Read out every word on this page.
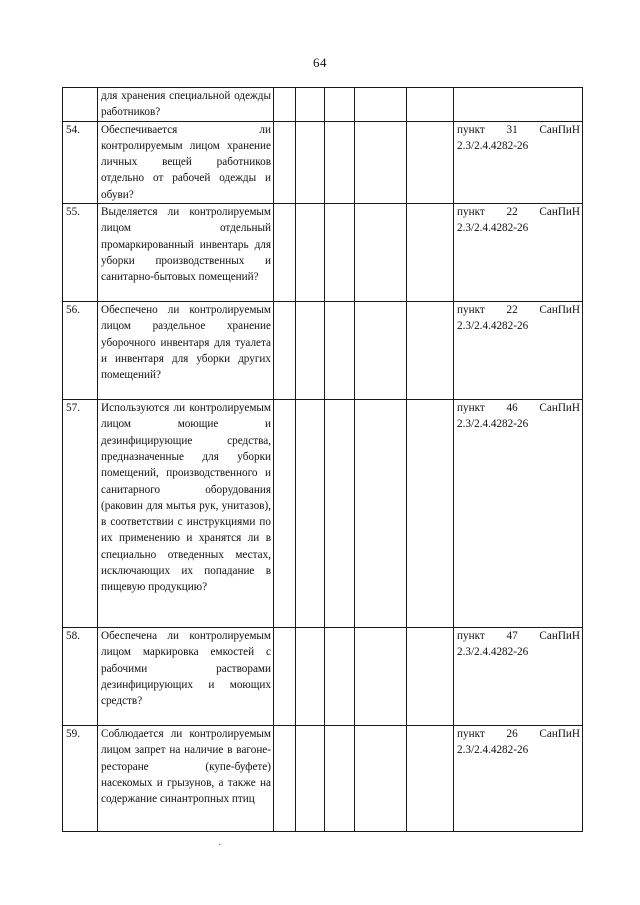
64
	для хранения специальной одежды работников?						
54.	Обеспечивается ли контролируемым лицом хранение личных вещей работников отдельно от рабочей одежды и обуви?						пункт 31 СанПиН 2.3/2.4.4282-26
55.	Выделяется ли контролируемым лицом отдельный промаркированный инвентарь для уборки производственных и санитарно-бытовых помещений?						пункт 22 СанПиН 2.3/2.4.4282-26
56.	Обеспечено ли контролируемым лицом раздельное хранение уборочного инвентаря для туалета и инвентаря для уборки других помещений?						пункт 22 СанПиН 2.3/2.4.4282-26
57.	Используются ли контролируемым лицом моющие и дезинфицирующие средства, предназначенные для уборки помещений, производственного и санитарного оборудования (раковин для мытья рук, унитазов), в соответствии с инструкциями по их применению и хранятся ли в специально отведенных местах, исключающих их попадание в пищевую продукцию?						пункт 46 СанПиН 2.3/2.4.4282-26
58.	Обеспечена ли контролируемым лицом маркировка емкостей с рабочими растворами дезинфицирующих и моющих средств?						пункт 47 СанПиН 2.3/2.4.4282-26
59.	Соблюдается ли контролируемым лицом запрет на наличие в вагоне-ресторане (купе-буфете) насекомых и грызунов, а также на содержание синантропных птиц						пункт 26 СанПиН 2.3/2.4.4282-26
˙
